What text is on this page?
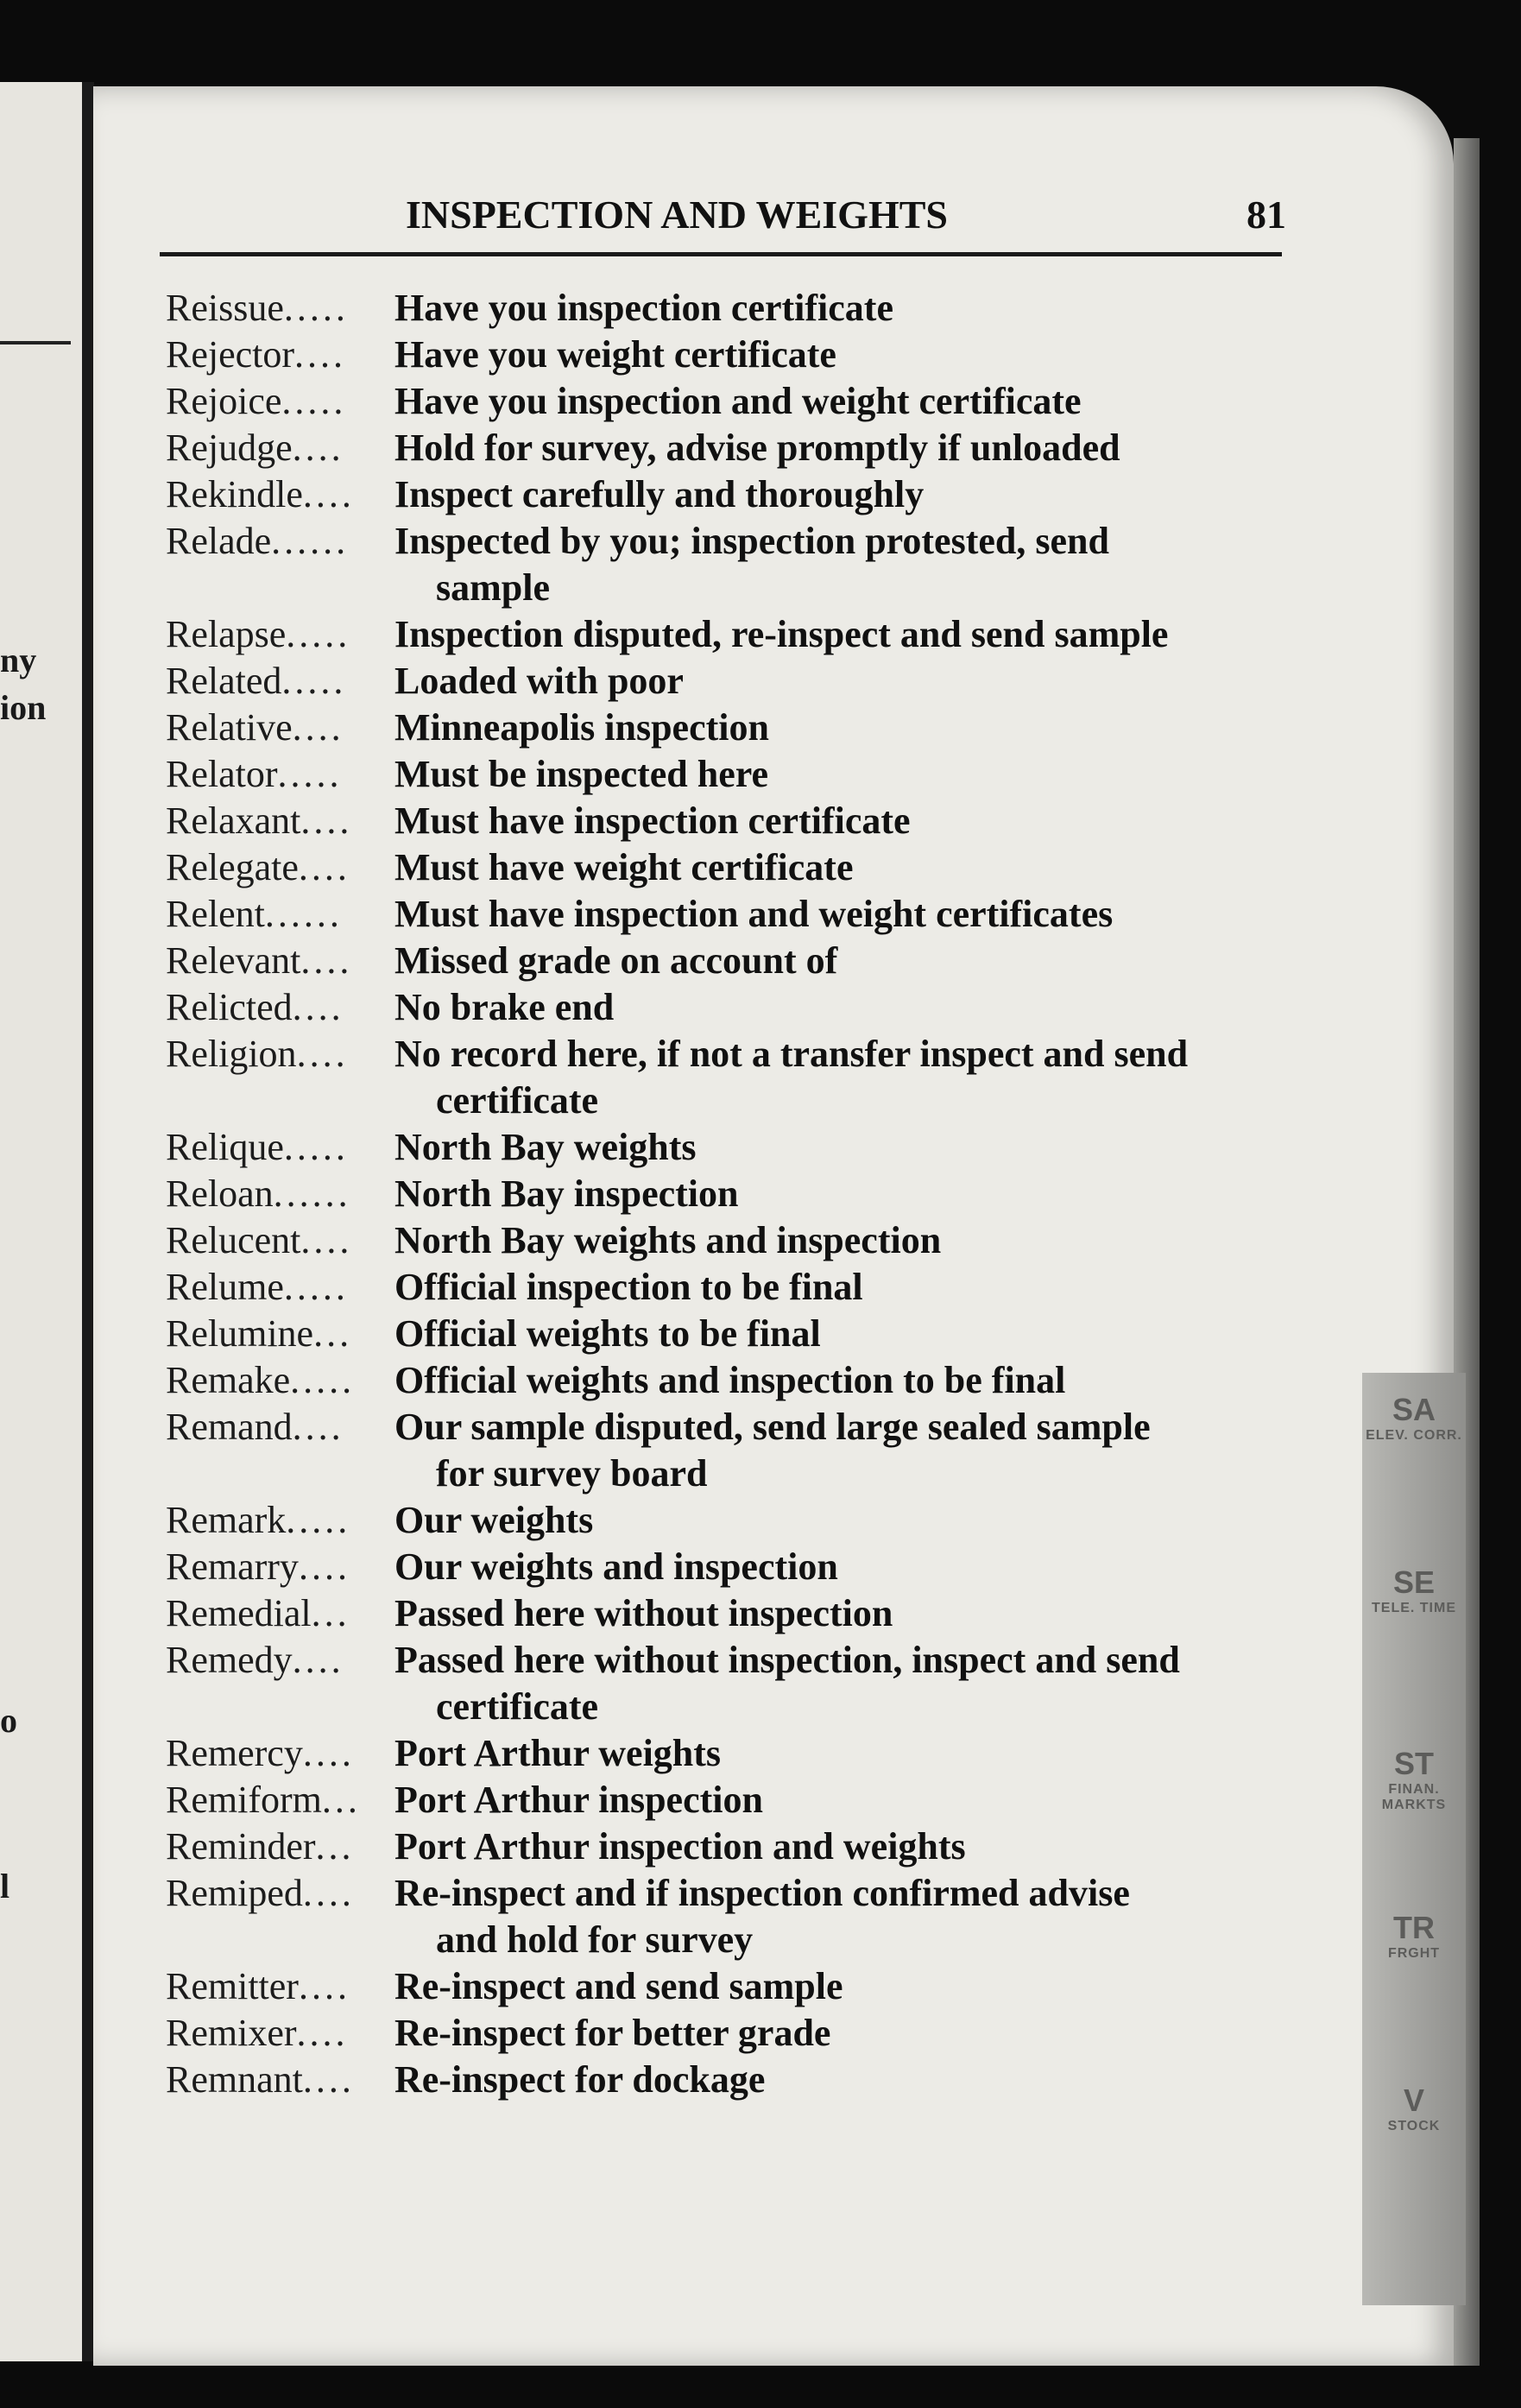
ny
ion
o
l
SA
ELEV. CORR.
SE
TELE. TIME
ST
FINAN. MARKTS
TR
FRGHT
V
STOCK
INSPECTION AND WEIGHTS	81
Reissue.....	Have you inspection certificate
Rejector....	Have you weight certificate
Rejoice.....	Have you inspection and weight certificate
Rejudge....	Hold for survey, advise promptly if unloaded
Rekindle....	Inspect carefully and thoroughly
Relade......	Inspected by you; inspection protested, send
sample
Relapse.....	Inspection disputed, re-inspect and send sample
Related.....	Loaded with poor
Relative....	Minneapolis inspection
Relator.....	Must be inspected here
Relaxant....	Must have inspection certificate
Relegate....	Must have weight certificate
Relent......	Must have inspection and weight certificates
Relevant....	Missed grade on account of
Relicted....	No brake end
Religion....	No record here, if not a transfer inspect and send
certificate
Relique.....	North Bay weights
Reloan......	North Bay inspection
Relucent....	North Bay weights and inspection
Relume.....	Official inspection to be final
Relumine...	Official weights to be final
Remake.....	Official weights and inspection to be final
Remand....	Our sample disputed, send large sealed sample
for survey board
Remark.....	Our weights
Remarry....	Our weights and inspection
Remedial...	Passed here without inspection
Remedy....	Passed here without inspection, inspect and send
certificate
Remercy....	Port Arthur weights
Remiform... Port Arthur inspection
Reminder...	Port Arthur inspection and weights
Remiped....	Re-inspect and if inspection confirmed advise
and hold for survey
Remitter....	Re-inspect and send sample
Remixer....	Re-inspect for better grade
Remnant....	Re-inspect for dockage
